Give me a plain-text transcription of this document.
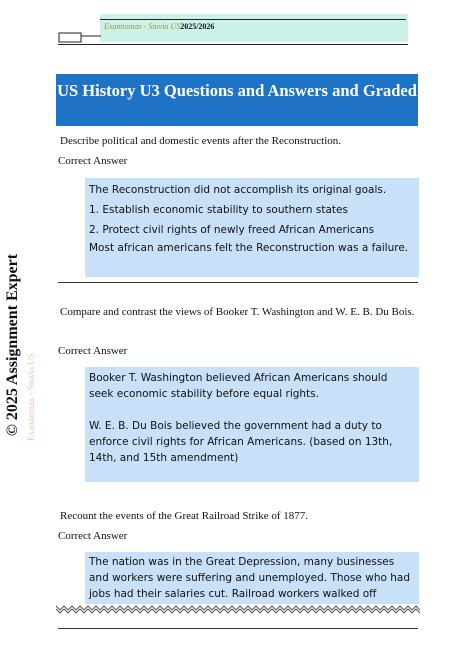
Examtomax - Stuvia US2025/2026
US History U3 Questions and Answers and Graded
Examtomax - Stuvia US
© 2025 Assignment Expert
Describe political and domestic events after the Reconstruction.
Correct Answer

The Reconstruction did not accomplish its original goals.

1. Establish economic stability to southern states

2. Protect civil rights of newly freed African Americans

Most african americans felt the Reconstruction was a failure.

Compare and contrast the views of Booker T. Washington and W. E. B. Du Bois.
Correct Answer

Booker T. Washington believed African Americans should seek economic stability before equal rights.

W. E. B. Du Bois believed the government had a duty to enforce civil rights for African Americans. (based on 13th, 14th, and 15th amendment)

Recount the events of the Great Railroad Strike of 1877.
Correct Answer

The nation was in the Great Depression, many businesses and workers were suffering and unemployed. Those who had jobs had their salaries cut. Railroad workers walked off
